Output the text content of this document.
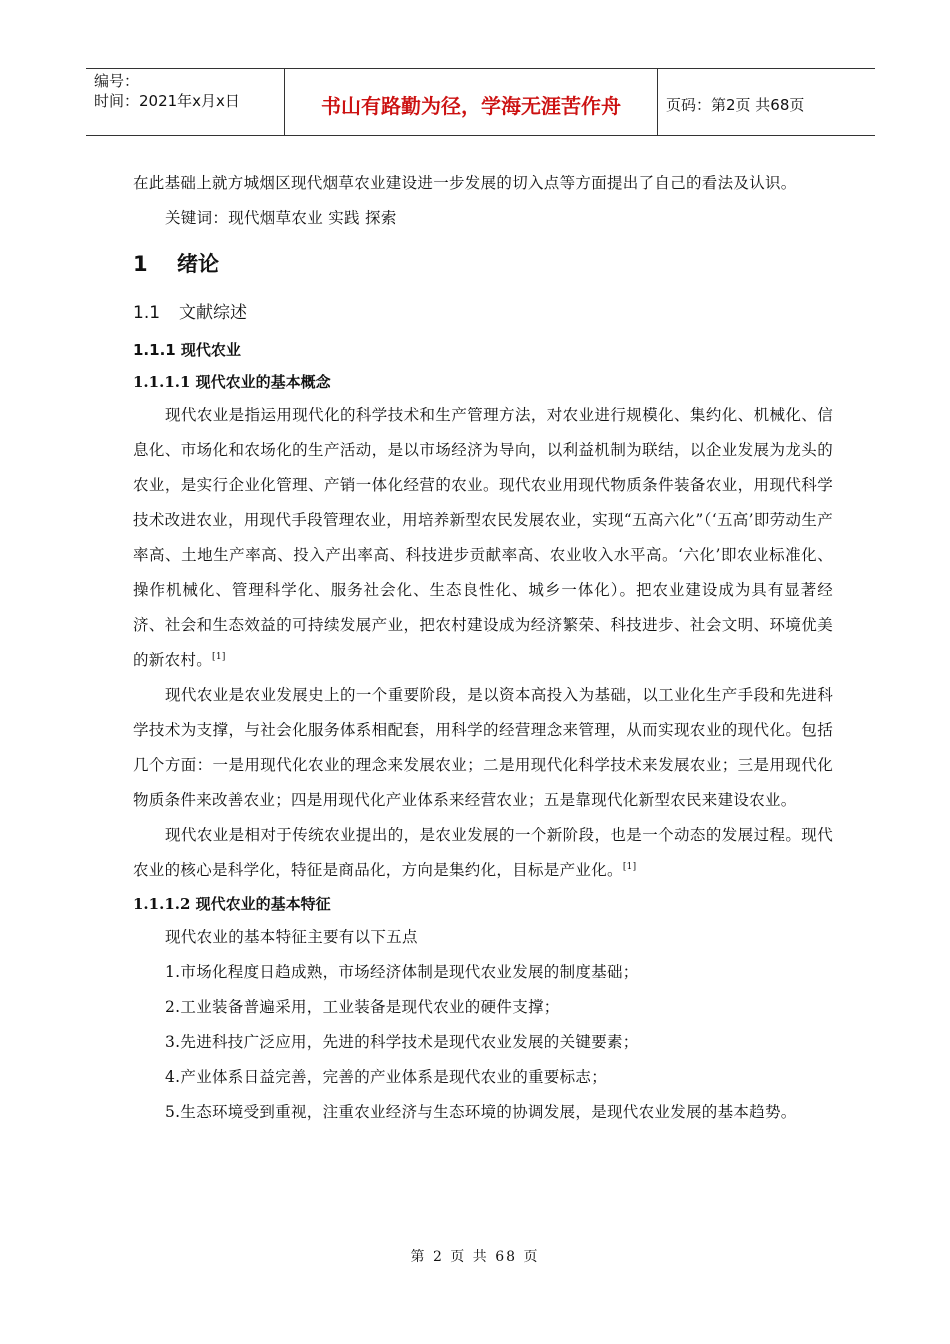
编号：
时间：2021年x月x日	书山有路勤为径，学海无涯苦作舟	页码：第2页 共68页

在此基础上就方城烟区现代烟草农业建设进一步发展的切入点等方面提出了自己的看法及认识。

关键词：现代烟草农业 实践 探索

1 绪论
1.1 文献综述
1.1.1 现代农业
1.1.1.1 现代农业的基本概念

现代农业是指运用现代化的科学技术和生产管理方法，对农业进行规模化、集约化、机械化、信息化、市场化和农场化的生产活动，是以市场经济为导向，以利益机制为联结，以企业发展为龙头的农业，是实行企业化管理、产销一体化经营的农业。现代农业用现代物质条件装备农业，用现代科学技术改进农业，用现代手段管理农业，用培养新型农民发展农业，实现“五高六化”（‘五高’即劳动生产率高、土地生产率高、投入产出率高、科技进步贡献率高、农业收入水平高。‘六化’即农业标准化、操作机械化、管理科学化、服务社会化、生态良性化、城乡一体化）。把农业建设成为具有显著经济、社会和生态效益的可持续发展产业，把农村建设成为经济繁荣、科技进步、社会文明、环境优美的新农村。[1]

现代农业是农业发展史上的一个重要阶段，是以资本高投入为基础，以工业化生产手段和先进科学技术为支撑，与社会化服务体系相配套，用科学的经营理念来管理，从而实现农业的现代化。包括几个方面：一是用现代化农业的理念来发展农业；二是用现代化科学技术来发展农业；三是用现代化物质条件来改善农业；四是用现代化产业体系来经营农业；五是靠现代化新型农民来建设农业。

现代农业是相对于传统农业提出的，是农业发展的一个新阶段，也是一个动态的发展过程。现代农业的核心是科学化，特征是商品化，方向是集约化，目标是产业化。[1]

1.1.1.2 现代农业的基本特征

现代农业的基本特征主要有以下五点

1.市场化程度日趋成熟，市场经济体制是现代农业发展的制度基础；

2.工业装备普遍采用，工业装备是现代农业的硬件支撑；

3.先进科技广泛应用，先进的科学技术是现代农业发展的关键要素；

4.产业体系日益完善，完善的产业体系是现代农业的重要标志；

5.生态环境受到重视，注重农业经济与生态环境的协调发展，是现代农业发展的基本趋势。

第 2 页 共 68 页
